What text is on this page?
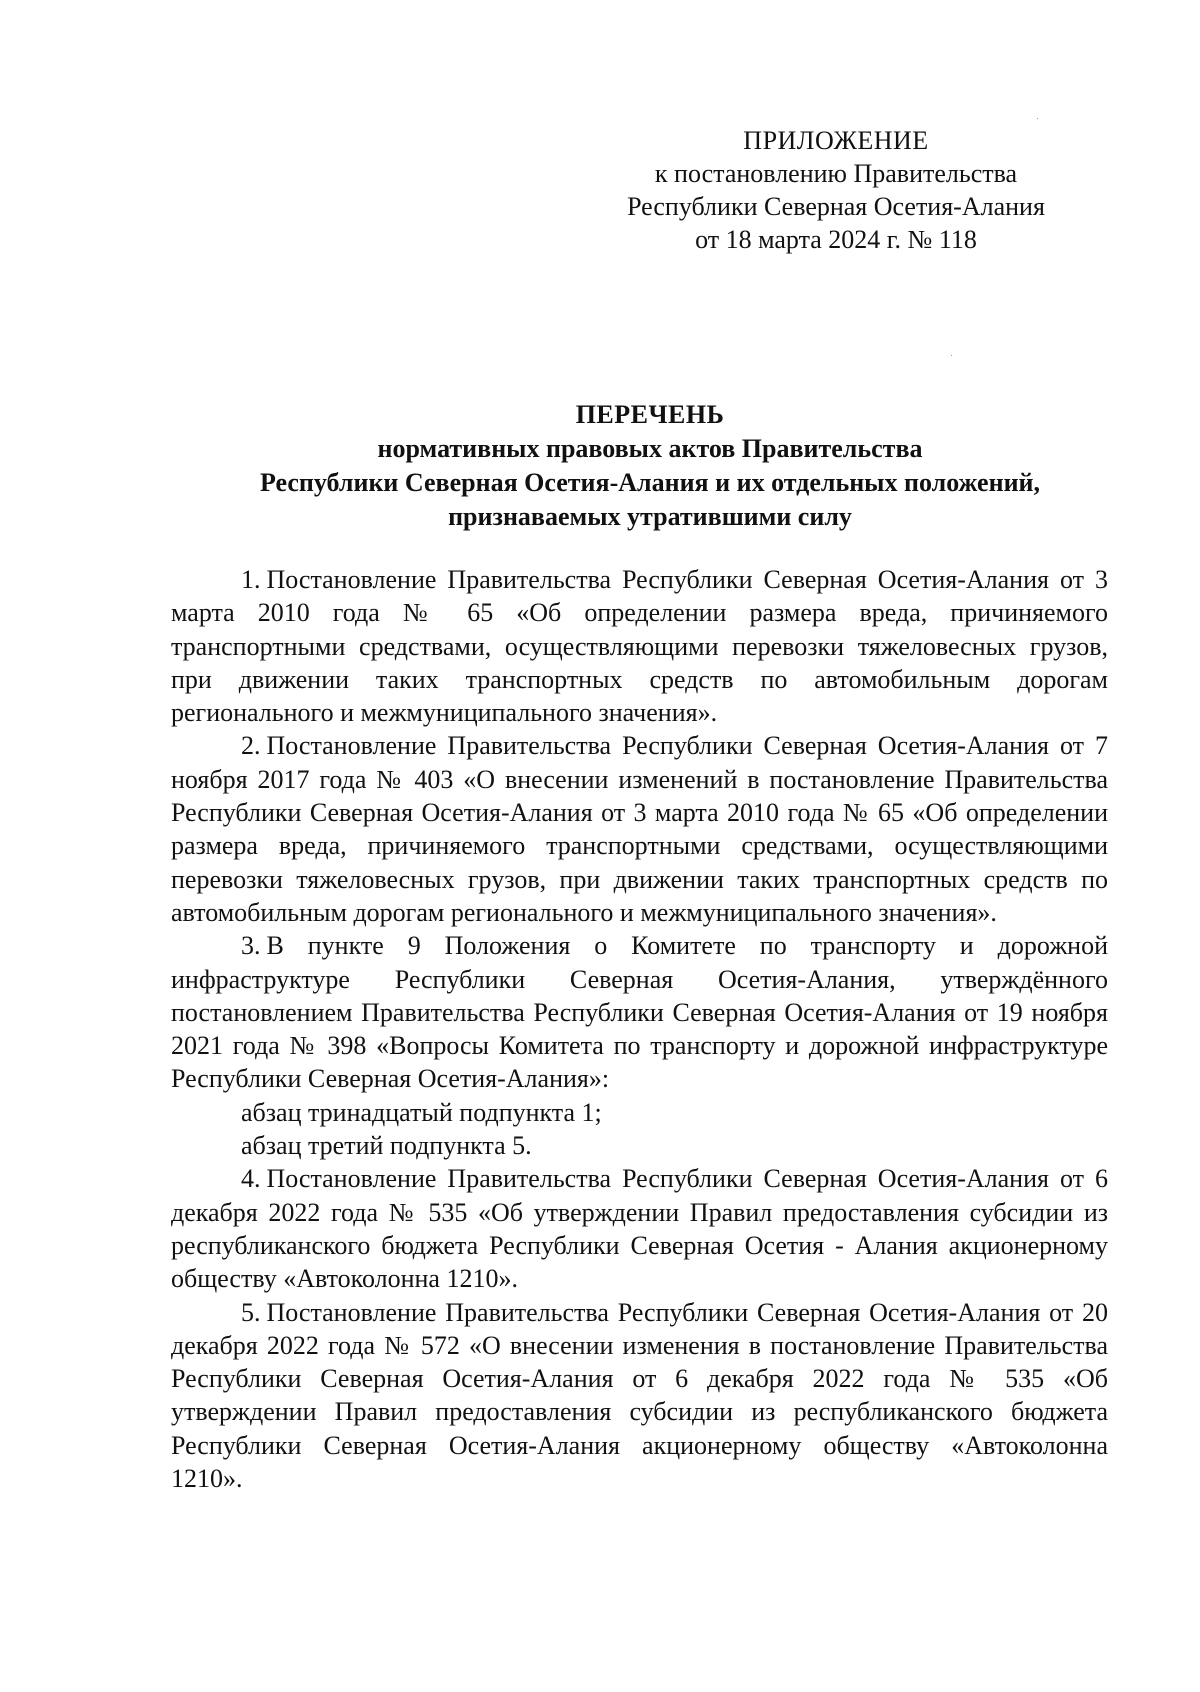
ПРИЛОЖЕНИЕ
к постановлению Правительства
Республики Северная Осетия-Алания
от 18 марта 2024 г. № 118
ПЕРЕЧЕНЬ
нормативных правовых актов Правительства
Республики Северная Осетия-Алания и их отдельных положений,
признаваемых утратившими силу

1. Постановление Правительства Республики Северная Осетия-Алания от 3 марта 2010 года № 65 «Об определении размера вреда, причиняемого транспортными средствами, осуществляющими перевозки тяжеловесных грузов, при движении таких транспортных средств по автомобильным дорогам регионального и межмуниципального значения».

2. Постановление Правительства Республики Северная Осетия-Алания от 7 ноября 2017 года № 403 «О внесении изменений в постановление Правительства Республики Северная Осетия-Алания от 3 марта 2010 года № 65 «Об определении размера вреда, причиняемого транспортными средствами, осуществляющими перевозки тяжеловесных грузов, при движении таких транспортных средств по автомобильным дорогам регионального и межмуниципального значения».

3. В пункте 9 Положения о Комитете по транспорту и дорожной инфраструктуре Республики Северная Осетия-Алания, утверждённого постановлением Правительства Республики Северная Осетия-Алания от 19 ноября 2021 года № 398 «Вопросы Комитета по транспорту и дорожной инфраструктуре Республики Северная Осетия-Алания»:

абзац тринадцатый подпункта 1;

абзац третий подпункта 5.

4. Постановление Правительства Республики Северная Осетия-Алания от 6 декабря 2022 года № 535 «Об утверждении Правил предоставления субсидии из республиканского бюджета Республики Северная Осетия - Алания акционерному обществу «Автоколонна 1210».

5. Постановление Правительства Республики Северная Осетия-Алания от 20 декабря 2022 года № 572 «О внесении изменения в постановление Правительства Республики Северная Осетия-Алания от 6 декабря 2022 года № 535 «Об утверждении Правил предоставления субсидии из республиканского бюджета Республики Северная Осетия-Алания акционерному обществу «Автоколонна 1210».
